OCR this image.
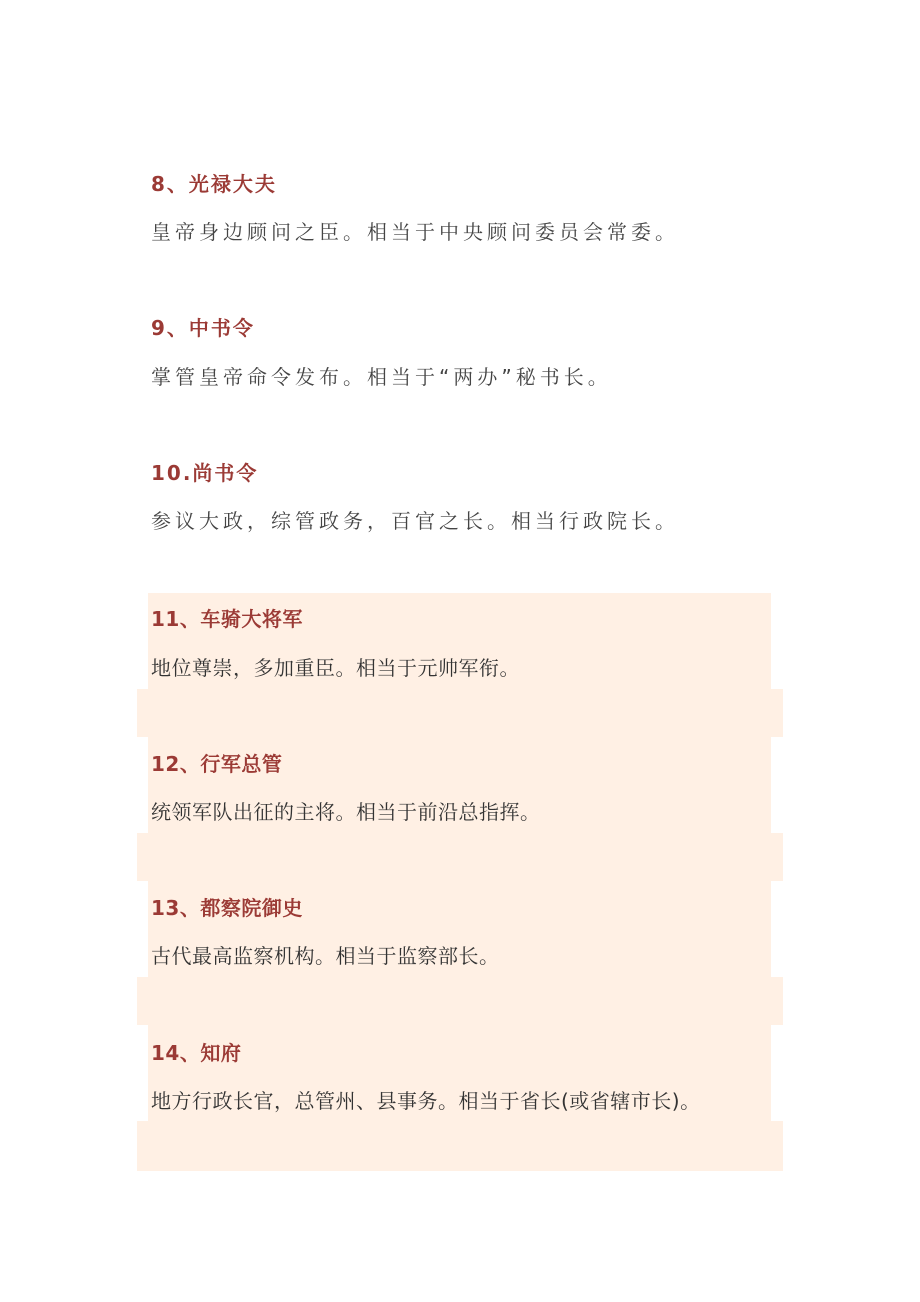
8、光禄大夫
皇帝身边顾问之臣。相当于中央顾问委员会常委。
9、中书令
掌管皇帝命令发布。相当于“两办”秘书长。
10.尚书令
参议大政，综管政务，百官之长。相当行政院长。
11、车骑大将军
地位尊崇，多加重臣。相当于元帅军衔。
12、行军总管
统领军队出征的主将。相当于前沿总指挥。
13、都察院御史
古代最高监察机构。相当于监察部长。
14、知府
地方行政长官，总管州、县事务。相当于省长(或省辖市长)。
